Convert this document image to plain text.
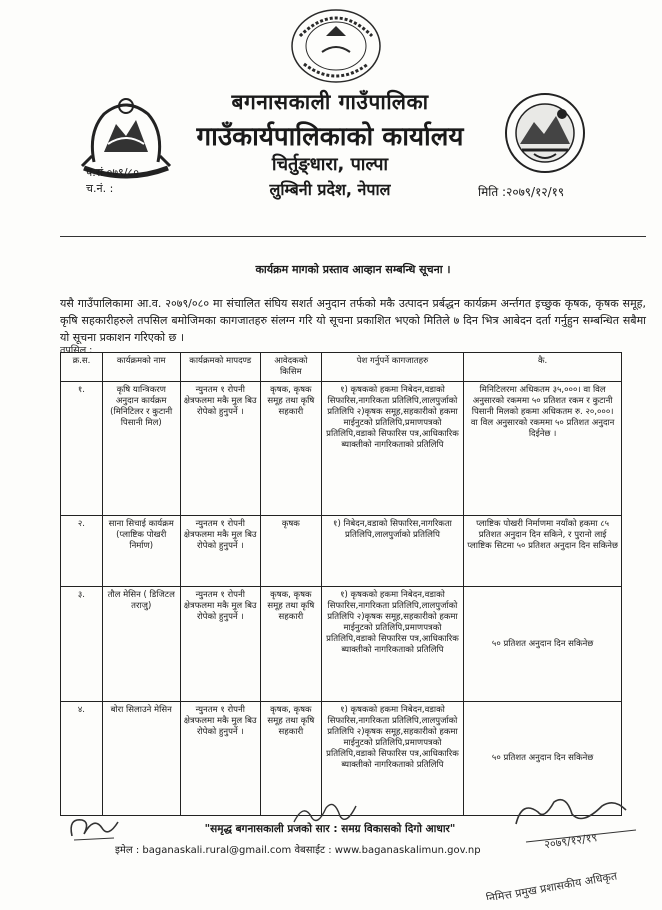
बगनासकाली गाउँपालिका
गाउँकार्यपालिकाको कार्यालय
चिर्तुङ्धारा, पाल्पा
लुम्बिनी प्रदेश, नेपाल
प.सं ०७९/८०
च.नं. :	मिति :२०७९/१२/१९
कार्यक्रम मागको प्रस्ताव आव्हान सम्बन्धि सूचना ।
यसै गाउँपालिकामा आ.व. २०७९/०८० मा संचालित संघिय सशर्त अनुदान तर्फको मकै उत्पादन प्रर्बद्धन कार्यक्रम अर्न्तगत इच्छुक कृषक, कृषक समूह, कृषि सहकारीहरुले तपसिल बमोजिमका कागजातहरु संलग्न गरि यो सूचना प्रकाशित भएको मितिले ७ दिन भित्र आबेदन दर्ता गर्नुहुन सम्बन्धित सबैमा यो सूचना प्रकाशन गरिएको छ ।
तपसिल :
क्र.स.	कार्यक्रमको नाम	कार्यक्रमको मापदण्ड	आवेदकको किसिम	पेश गर्नुपर्ने कागजातहरु	कै.
१.	कृषि यान्त्रिकरण अनुदान कार्यक्रम (मिनिटिलर र कुटानी पिसानी मिल)	न्युनतम १ रोपनी क्षेत्रफलमा मकै मुल बिउ रोपेको हुनुपर्ने ।	कृषक, कृषक समूह तथा कृषि सहकारी	१) कृषकको हकमा निबेदन,वडाको सिफारिस,नागरिकता प्रतिलिपि,लालपुर्जाको प्रतिलिपि २)कृषक समूह,सहकारीको हकमा माईनुटको प्रतिलिपि,प्रमाणपत्रको प्रतिलिपि,वडाको सिफारिस पत्र,आधिकारिक ब्याक्तीको नागरिकताको प्रतिलिपि	मिनिटिलरमा अधिकतम ३५,०००। वा विल अनुसारको रकममा ५० प्रतिशत रकम र कुटानी पिसानी मिलको हकमा अधिकतम रु. २०,०००। वा विल अनुसारको रकममा ५० प्रतिशत अनुदान दिईनेछ ।
२.	साना सिचाई कार्यक्रम (प्लाष्टिक पोखरी निर्माण)	न्युनतम १ रोपनी क्षेत्रफलमा मकै मुल बिउ रोपेको हुनुपर्ने ।	कृषक	१) निबेदन,वडाको सिफारिस,नागरिकता प्रतिलिपि,लालपुर्जाको प्रतिलिपि	प्लाष्टिक पोखरी निर्माणमा नयाँको हकमा ८५ प्रतिशत अनुदान दिन सकिने, र पुरानो लाई प्लाष्टिक सिटमा ५० प्रतिशत अनुदान दिन सकिनेछ
३.	तौल मेसिन ( डिजिटल तराजु)	न्युनतम १ रोपनी क्षेत्रफलमा मकै मुल बिउ रोपेको हुनुपर्ने ।	कृषक, कृषक समूह तथा कृषि सहकारी	१) कृषकको हकमा निबेदन,वडाको सिफारिस,नागरिकता प्रतिलिपि,लालपुर्जाको प्रतिलिपि २)कृषक समूह,सहकारीको हकमा माईनुटको प्रतिलिपि,प्रमाणपत्रको प्रतिलिपि,वडाको सिफारिस पत्र,आधिकारिक ब्याक्तीको नागरिकताको प्रतिलिपि	५० प्रतिशत अनुदान दिन सकिनेछ
४.	बोरा सिलाउने मेसिन	न्युनतम १ रोपनी क्षेत्रफलमा मकै मुल बिउ रोपेको हुनुपर्ने ।	कृषक, कृषक समूह तथा कृषि सहकारी	१) कृषकको हकमा निबेदन,वडाको सिफारिस,नागरिकता प्रतिलिपि,लालपुर्जाको प्रतिलिपि २)कृषक समूह,सहकारीको हकमा माईनुटको प्रतिलिपि,प्रमाणपत्रको प्रतिलिपि,वडाको सिफारिस पत्र,आधिकारिक ब्याक्तीको नागरिकताको प्रतिलिपि	५० प्रतिशत अनुदान दिन सकिनेछ
२०७९/१२/१९
निमित्त प्रमुख प्रशासकीय अधिकृत
"समृद्ध बगनासकाली प्रजको सार : समग्र विकासको दिगो आधार"
इमेल : baganaskali.rural@gmail.com वेबसाईट : www.baganaskalimun.gov.np
